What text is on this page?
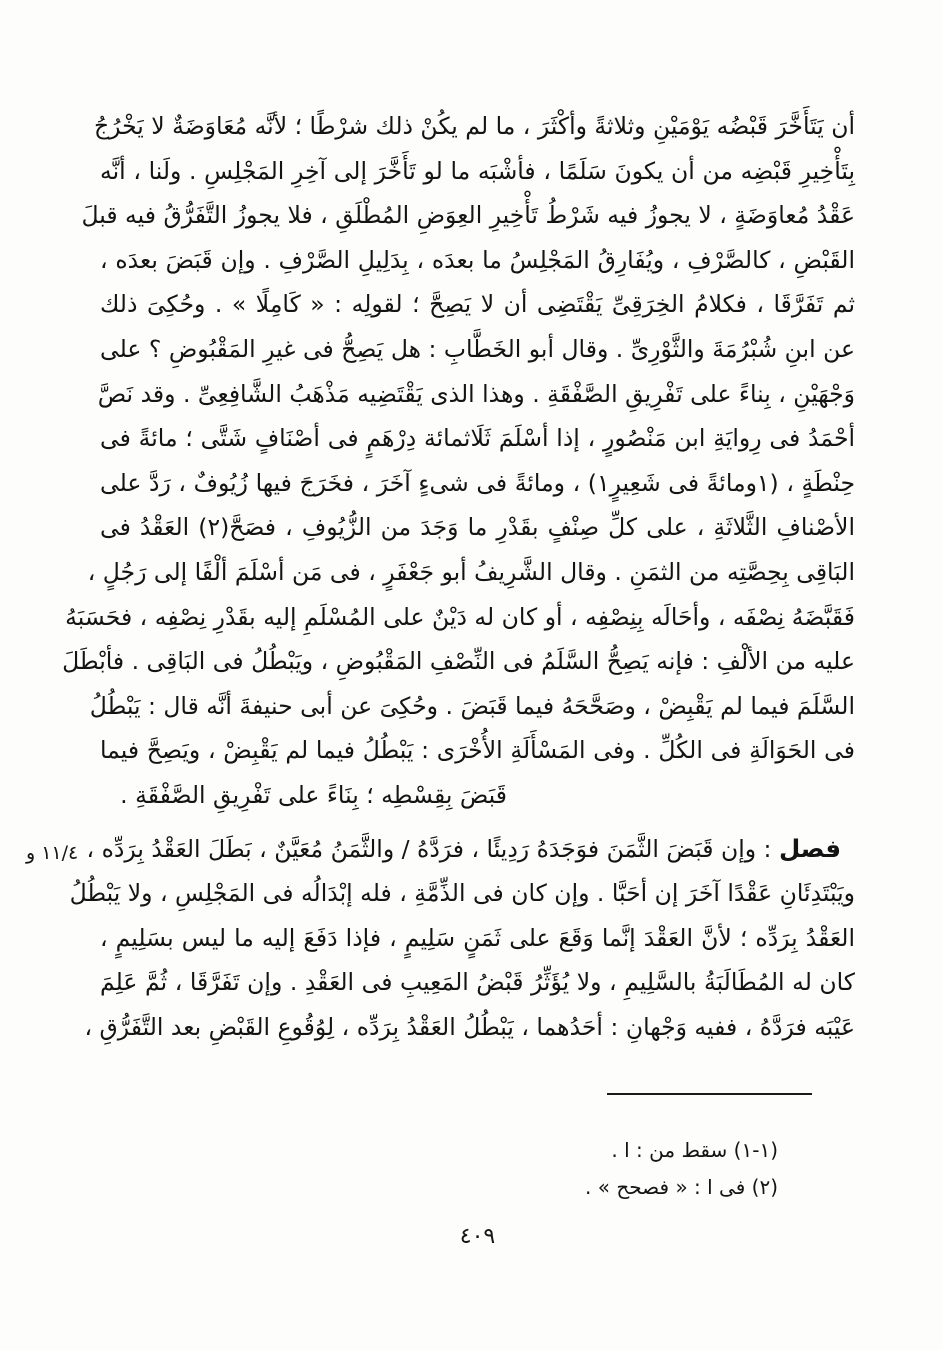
١١/٤ و
أن يَتَأَخَّرَ قَبْضُه يَوْمَيْنِ وثلاثةً وأكْثَرَ ، ما لم يكُنْ ذلك شرْطًا ؛ لأنَّه مُعَاوَضَةٌ لا يَخْرُجُ
بِتَأْخِيرِ قَبْضِه من أن يكونَ سَلَمًا ، فأشْبَه ما لو تَأَخَّرَ إلى آخِرِ المَجْلِسِ . ولَنا ، أنَّه
عَقْدُ مُعاوَضَةٍ ، لا يجوزُ فيه شَرْطُ تَأْخِيرِ العِوَضِ المُطْلَقِ ، فلا يجوزُ التَّفَرُّقُ فيه قبلَ
القَبْضِ ، كالصَّرْفِ ، ويُفَارِقُ المَجْلِسُ ما بعدَه ، بِدَلِيلِ الصَّرْفِ . وإن قَبَضَ بعدَه ،
ثم تَفَرَّقَا ، فكلامُ الخِرَقِىِّ يَقْتَضِى أن لا يَصِحَّ ؛ لقولِه : « كَامِلًا » . وحُكِىَ ذلك
عن ابنِ شُبْرُمَةَ والثَّوْرِىِّ . وقال أبو الخَطَّابِ : هل يَصِحُّ فى غيرِ المَقْبُوضِ ؟ على
وَجْهَيْنِ ، بِناءً على تَفْرِيقِ الصَّفْقَةِ . وهذا الذى يَقْتَضِيه مَذْهَبُ الشَّافِعِىِّ . وقد نَصَّ
أحْمَدُ فى رِوايَةِ ابن مَنْصُورٍ ، إذا أسْلَمَ ثَلَاثمائة دِرْهَمٍ فى أصْنَافٍ شَتَّى ؛ مائةً فى
حِنْطَةٍ ، (١ومائةً فى شَعِيرٍ١) ، ومائةً فى شىءٍ آخَرَ ، فخَرَجَ فيها زُيُوفٌ ، رَدَّ على
الأصْنافِ الثَّلاثَةِ ، على كلِّ صِنْفٍ بقَدْرِ ما وَجَدَ من الزُّيُوفِ ، فصَحَّ(٢) العَقْدُ فى
البَاقِى بِحِصَّتِه من الثمَنِ . وقال الشَّرِيفُ أبو جَعْفَرٍ ، فى مَن أسْلَمَ ألْفًا إلى رَجُلٍ ،
فَقَبَّضَهُ نِصْفَه ، وأحَالَه بِنِصْفِه ، أو كان له دَيْنٌ على المُسْلَمِ إليه بقَدْرِ نِصْفِه ، فحَسَبَهُ
عليه من الألْفِ : فإنه يَصِحُّ السَّلَمُ فى النِّصْفِ المَقْبُوضِ ، ويَبْطُلُ فى البَاقِى . فأبْطَلَ
السَّلَمَ فيما لم يَقْبِضْ ، وصَحَّحَهُ فيما قَبَضَ . وحُكِىَ عن أبى حنيفةَ أنَّه قال : يَبْطُلُ
فى الحَوَالَةِ فى الكُلِّ . وفى المَسْأَلَةِ الأُخْرَى : يَبْطُلُ فيما لم يَقْبِضْ ، ويَصِحَّ فيما
قَبَضَ بِقِسْطِه ؛ بِنَاءً على تَفْرِيقِ الصَّفْقَةِ .
فصل : وإن قَبَضَ الثَّمَنَ فوَجَدَهُ رَدِيئًا ، فرَدَّهُ / والثَّمَنُ مُعَيَّنٌ ، بَطَلَ العَقْدُ بِرَدِّه ،
ويَبْتَدِئَانِ عَقْدًا آخَرَ إن أحَبَّا . وإن كان فى الذِّمَّةِ ، فله إبْدَالُه فى المَجْلِسِ ، ولا يَبْطُلُ
العَقْدُ بِرَدِّه ؛ لأنَّ العَقْدَ إنَّما وَقَعَ على ثَمَنٍ سَلِيمٍ ، فإذا دَفَعَ إليه ما ليس بسَلِيمٍ ،
كان له المُطَالَبَةُ بالسَّلِيمِ ، ولا يُؤَثِّرُ قَبْضُ المَعِيبِ فى العَقْدِ . وإن تَفَرَّقَا ، ثُمَّ عَلِمَ
عَيْبَه فرَدَّهُ ، ففيه وَجْهانِ : أحَدُهما ، يَبْطُلُ العَقْدُ بِرَدِّه ، لِوُقُوعِ القَبْضِ بعد التَّفَرُّقِ ،
(١-١) سقط من : ا .
(٢) فى ا : « فصحح » .
٤٠٩
